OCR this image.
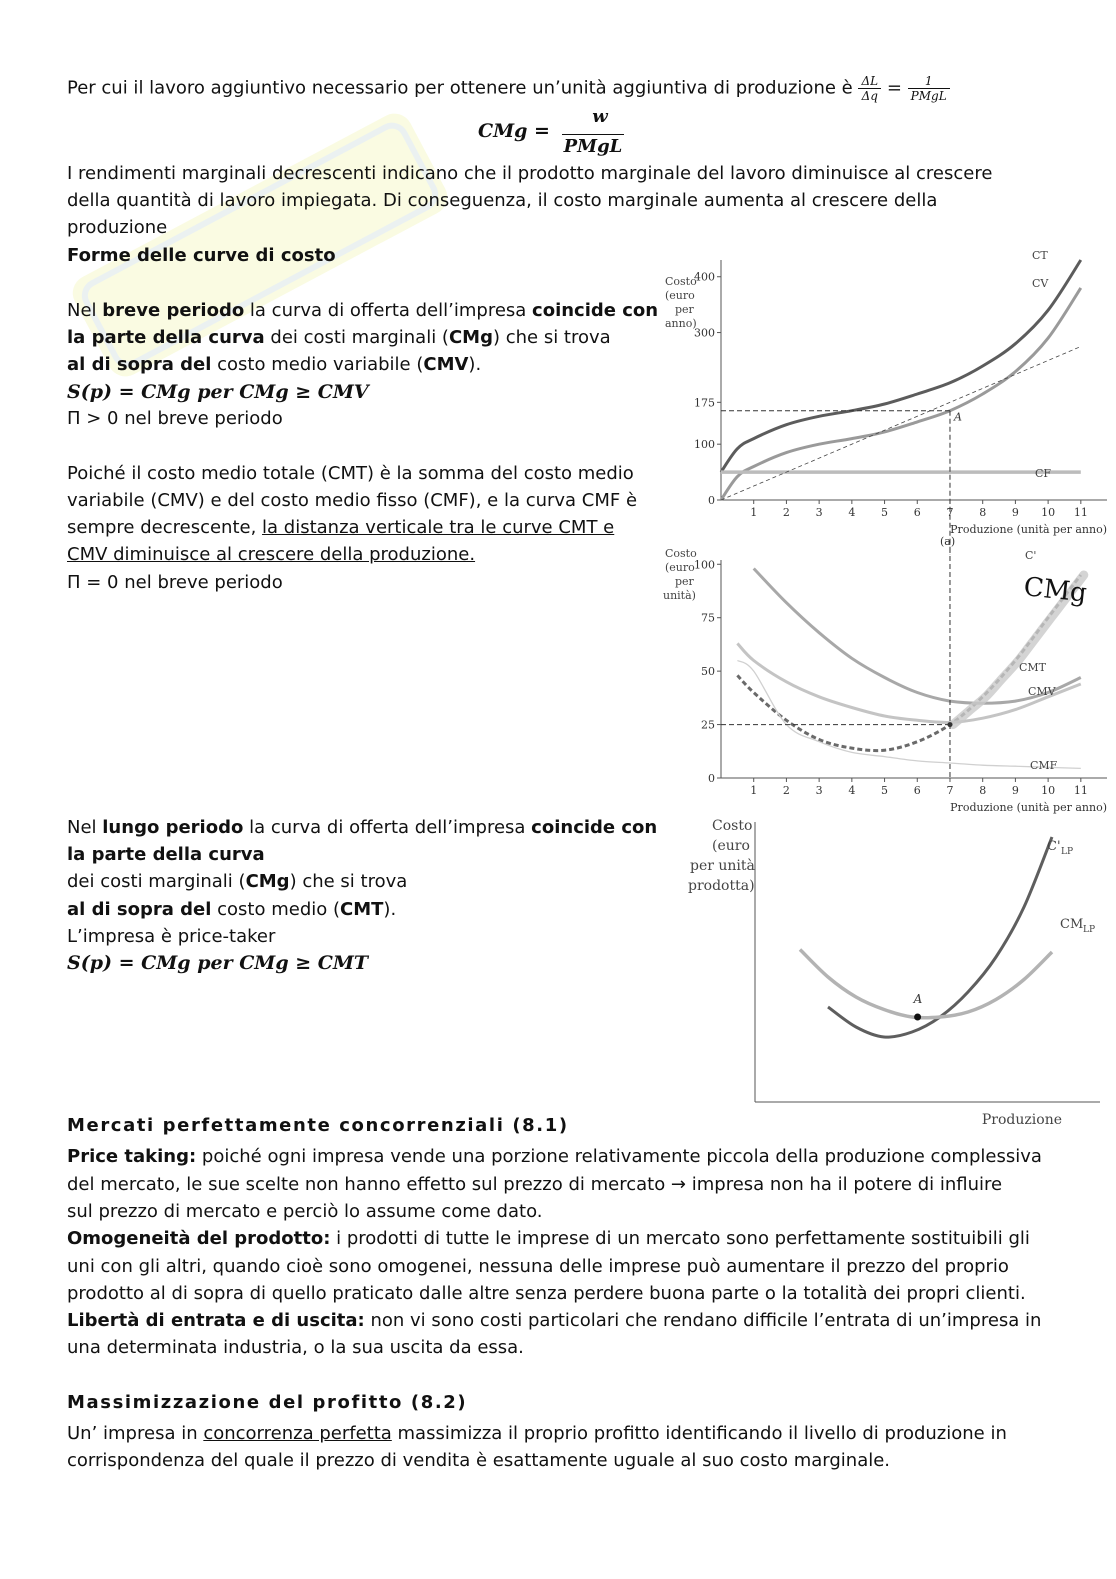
Per cui il lavoro aggiuntivo necessario per ottenere un’unità aggiuntiva di produzione è $\frac{\Delta L}{\Delta q} = \frac{1}{\text{PMgL}}$
CMg =
w
PMgL
I rendimenti marginali decrescenti indicano che il prodotto marginale del lavoro diminuisce al crescere
della quantità di lavoro impiegata. Di conseguenza, il costo marginale aumenta al crescere della
produzione
Forme delle curve di costo
Nel breve periodo la curva di offerta dell’impresa coincide con
la parte della curva dei costi marginali (CMg) che si trova
al di sopra del costo medio variabile (CMV).
S(p) = CMg per CMg ≥ CMV
Π > 0 nel breve periodo
Poiché il costo medio totale (CMT) è la somma del costo medio
variabile (CMV) e del costo medio fisso (CMF), e la curva CMF è
sempre decrescente, la distanza verticale tra le curve CMT e
CMV diminuisce al crescere della produzione.
Π = 0 nel breve periodo
Nel lungo periodo la curva di offerta dell’impresa coincide con
la parte della curva
dei costi marginali (CMg) che si trova
al di sopra del costo medio (CMT).
L’impresa è price-taker
S(p) = CMg per CMg ≥ CMT
Costo
(euro
per
anno)
1 2 3 4 5 6 7 8 9 10 11
0
100
175
300
400
Produzione (unità per anno)
(a)
A
CT
CV
CF
Costo
(euro
per
unità)
1 2 3 4 5 6 7 8 9 10 11
0
25
50
75
100
Produzione (unità per anno)
C'
CMT
CMV
CMF
CMg
Costo
(euro
per unità
prodotta)
Produzione
A
C' LP
CM LP
Mercati perfettamente concorrenziali (8.1)
Price taking: poiché ogni impresa vende una porzione relativamente piccola della produzione complessiva
del mercato, le sue scelte non hanno effetto sul prezzo di mercato → impresa non ha il potere di influire
sul prezzo di mercato e perciò lo assume come dato.
Omogeneità del prodotto: i prodotti di tutte le imprese di un mercato sono perfettamente sostituibili gli
uni con gli altri, quando cioè sono omogenei, nessuna delle imprese può aumentare il prezzo del proprio
prodotto al di sopra di quello praticato dalle altre senza perdere buona parte o la totalità dei propri clienti.
Libertà di entrata e di uscita: non vi sono costi particolari che rendano difficile l’entrata di un’impresa in
una determinata industria, o la sua uscita da essa.
Massimizzazione del profitto (8.2)
Un’ impresa in concorrenza perfetta massimizza il proprio profitto identificando il livello di produzione in
corrispondenza del quale il prezzo di vendita è esattamente uguale al suo costo marginale.
